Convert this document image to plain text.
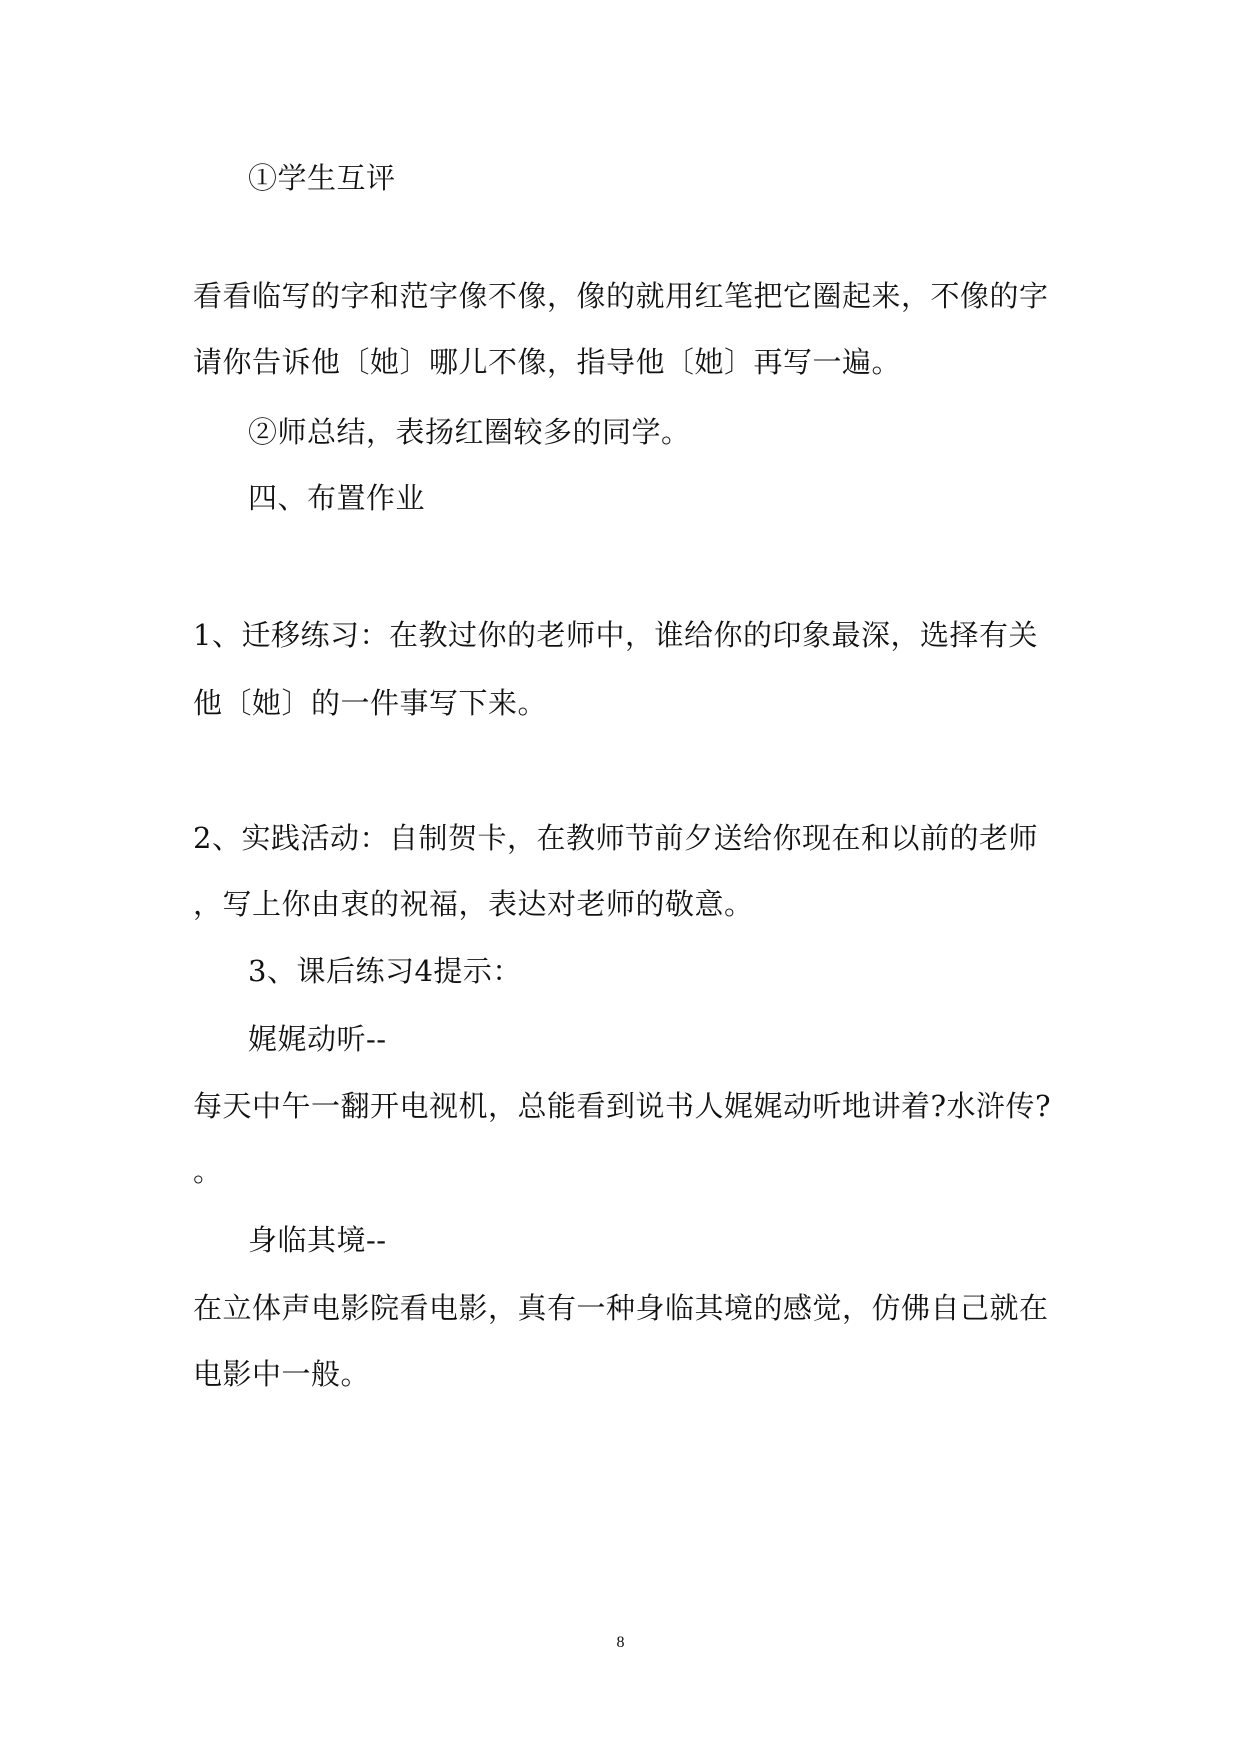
①学生互评
看看临写的字和范字像不像，像的就用红笔把它圈起来，不像的字
请你告诉他〔她〕哪儿不像，指导他〔她〕再写一遍。
②师总结，表扬红圈较多的同学。
四、布置作业
1、迁移练习：在教过你的老师中，谁给你的印象最深，选择有关
他〔她〕的一件事写下来。
2、实践活动：自制贺卡，在教师节前夕送给你现在和以前的老师
，写上你由衷的祝福，表达对老师的敬意。
3、课后练习4提示：
娓娓动听--
每天中午一翻开电视机，总能看到说书人娓娓动听地讲着?水浒传?
。
身临其境--
在立体声电影院看电影，真有一种身临其境的感觉，仿佛自己就在
电影中一般。
8
